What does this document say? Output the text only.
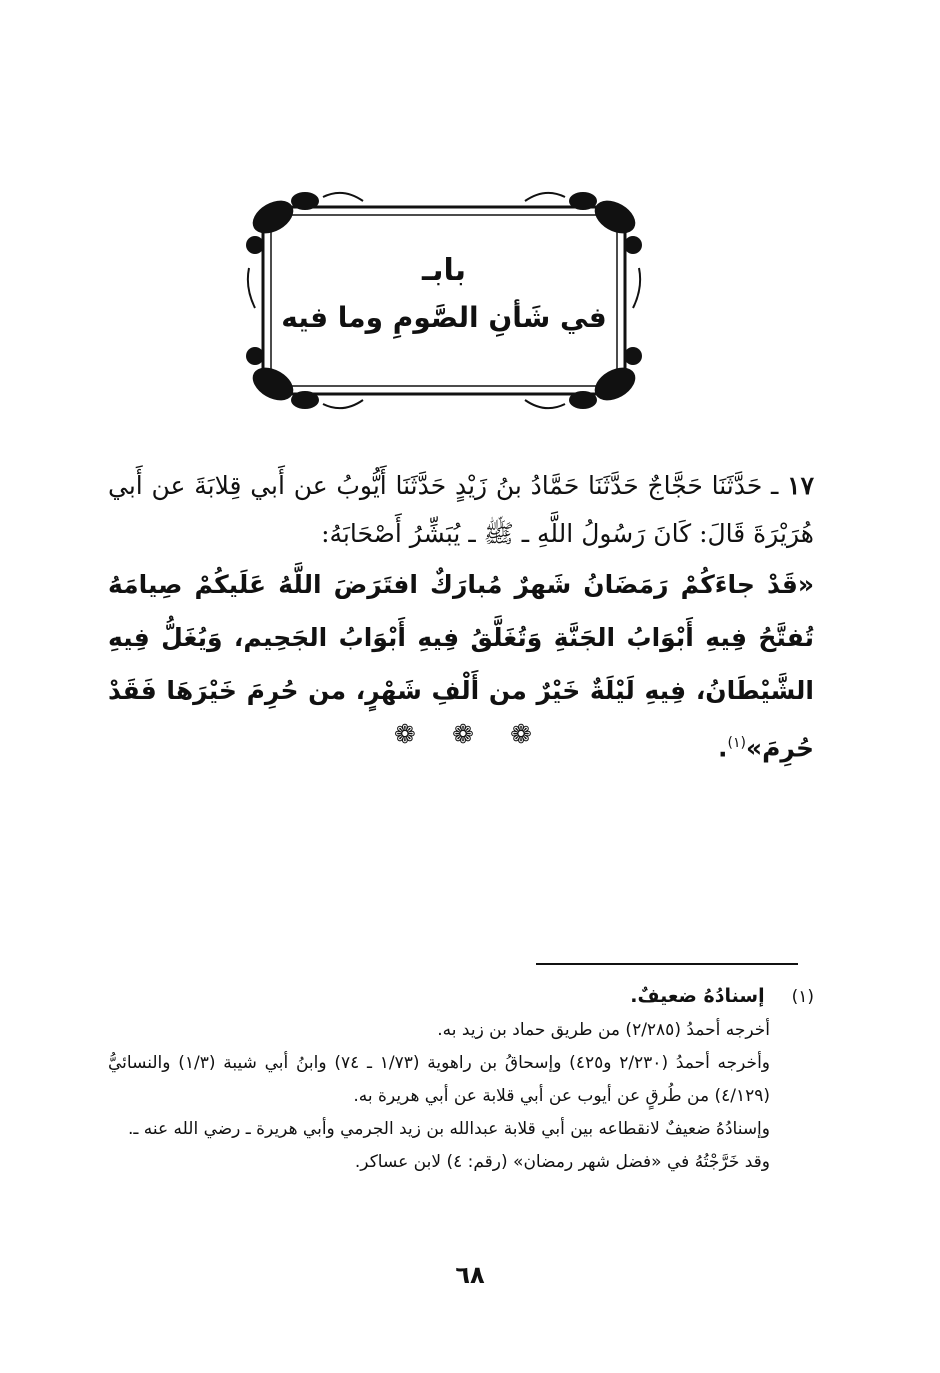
بابـ
في شَأنِ الصَّومِ وما فيه
١٧ ـ حَدَّثَنَا حَجَّاجٌ حَدَّثَنَا حَمَّادُ بنُ زَيْدٍ حَدَّثَنَا أَيُّوبُ عن أَبي قِلابَةَ عن أَبي هُرَيْرَةَ قَالَ: كَانَ رَسُولُ اللَّهِ ـ ﷺ ـ يُبَشِّرُ أَصْحَابَهُ:
«قَدْ جاءَكُمْ رَمَضَانُ شَهرٌ مُبارَكٌ افتَرَضَ اللَّهُ عَلَيكُمْ صِيامَهُ تُفتَّحُ فِيهِ أَبْوَابُ الجَنَّةِ وَتُغَلَّقُ فِيهِ أَبْوَابُ الجَحِيم، وَيُغَلُّ فِيهِ الشَّيْطَانُ، فِيهِ لَيْلَةٌ خَيْرٌ من أَلْفِ شَهْرٍ، من حُرِمَ خَيْرَهَا فَقَدْ حُرِمَ»$^{(١)}$.
❁ ❁ ❁

(١) إسنادُهُ ضعيفٌ.

أخرجه أحمدُ (٢/٢٨٥) من طريق حماد بن زيد به.

وأخرجه أحمدُ (٢/٢٣٠ و٤٢٥) وإسحاقُ بن راهوية (١/٧٣ ـ ٧٤) وابنُ أبي شيبة (١/٣) والنسائيُّ (٤/١٢٩) من طُرقٍ عن أيوب عن أبي قلابة عن أبي هريرة به.

وإسنادُهُ ضعيفٌ لانقطاعه بين أبي قلابة عبدالله بن زيد الجرمي وأبي هريرة ـ رضي الله عنه ـ.

وقد خَرَّجْتُهُ في «فضل شهر رمضان» (رقم: ٤) لابن عساكر.

٦٨
